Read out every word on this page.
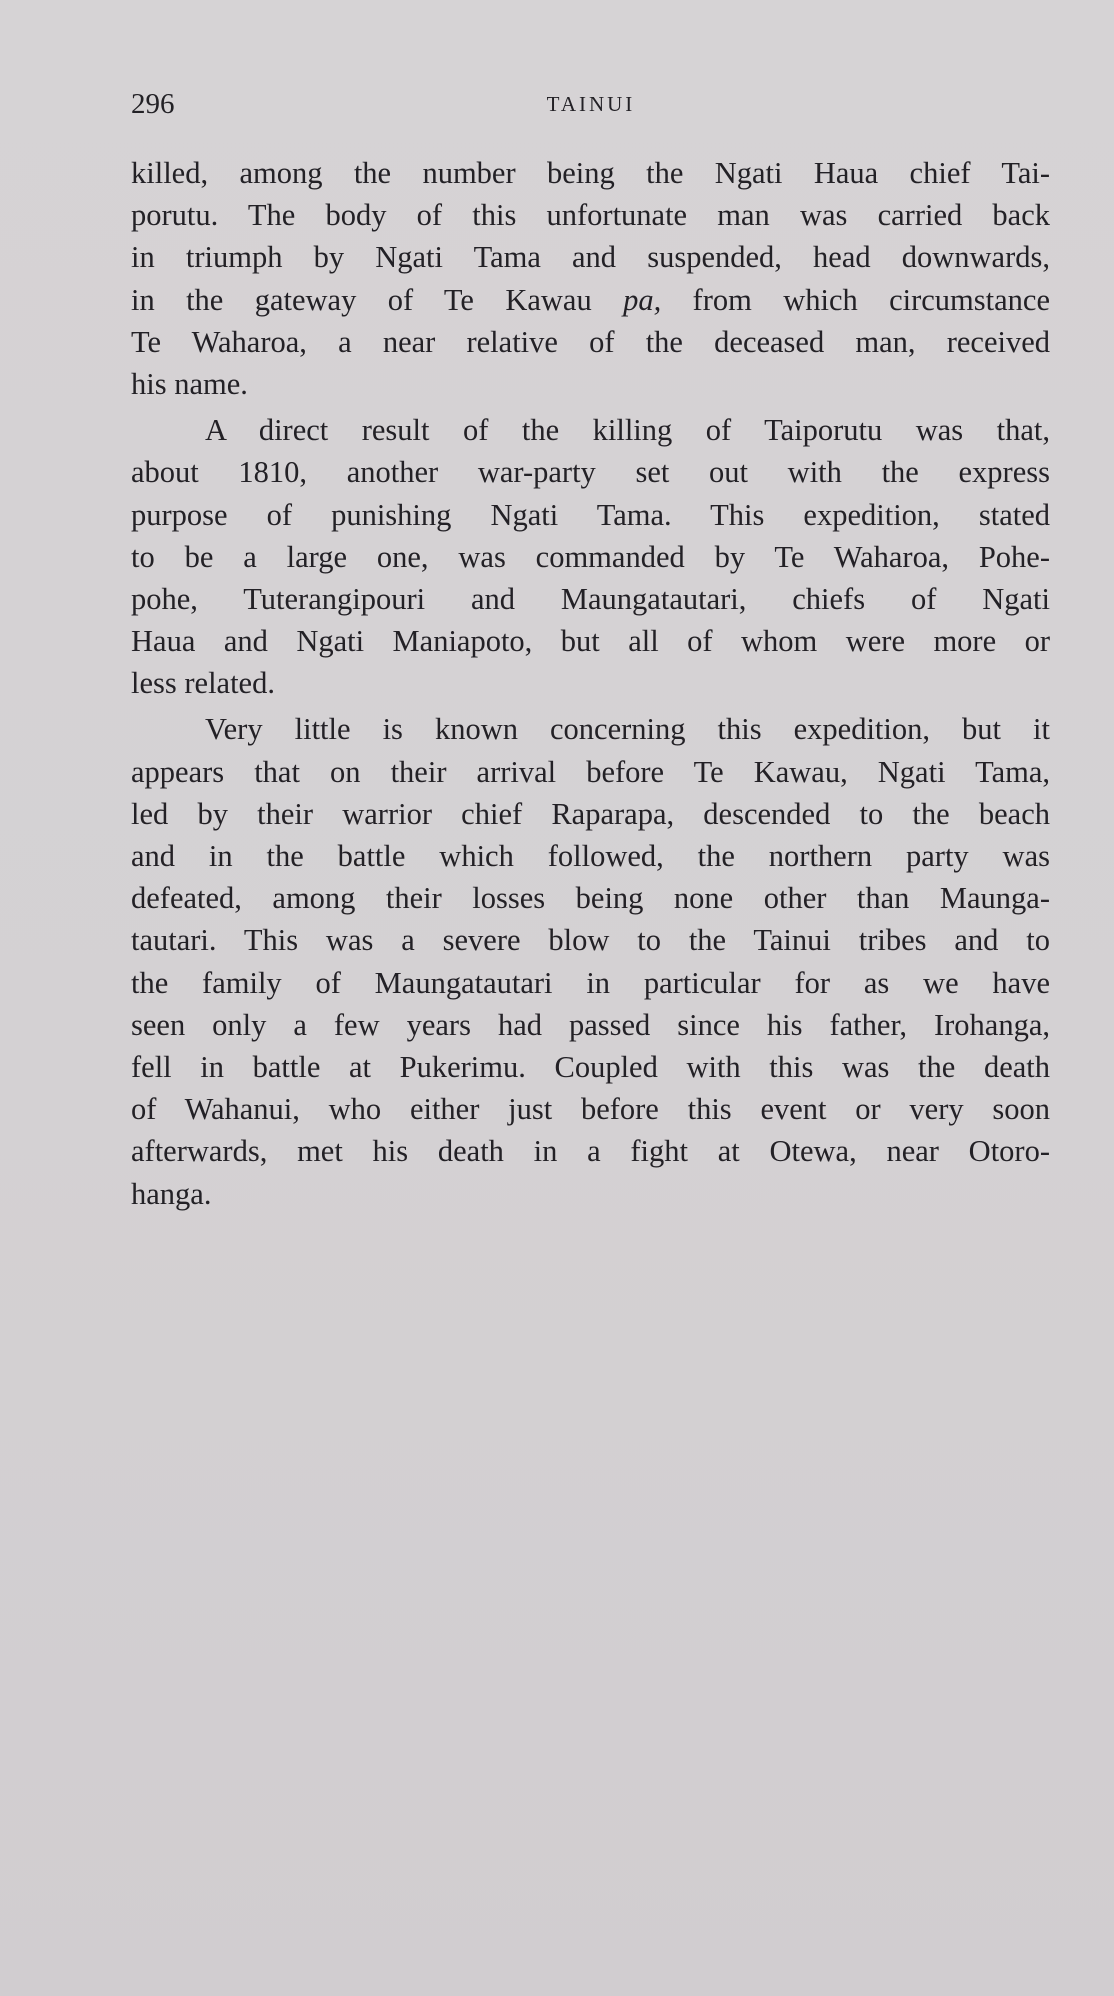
296	TAINUI
killed, among the number being the Ngati Haua chief Tai-
porutu. The body of this unfortunate man was carried back
in triumph by Ngati Tama and suspended, head downwards,
in the gateway of Te Kawau pa, from which circumstance
Te Waharoa, a near relative of the deceased man, received
his name.
A direct result of the killing of Taiporutu was that,
about 1810, another war-party set out with the express
purpose of punishing Ngati Tama. This expedition, stated
to be a large one, was commanded by Te Waharoa, Pohe-
pohe, Tuterangipouri and Maungatautari, chiefs of Ngati
Haua and Ngati Maniapoto, but all of whom were more or
less related.
Very little is known concerning this expedition, but it
appears that on their arrival before Te Kawau, Ngati Tama,
led by their warrior chief Raparapa, descended to the beach
and in the battle which followed, the northern party was
defeated, among their losses being none other than Maunga-
tautari. This was a severe blow to the Tainui tribes and to
the family of Maungatautari in particular for as we have
seen only a few years had passed since his father, Irohanga,
fell in battle at Pukerimu. Coupled with this was the death
of Wahanui, who either just before this event or very soon
afterwards, met his death in a fight at Otewa, near Otoro-
hanga.
